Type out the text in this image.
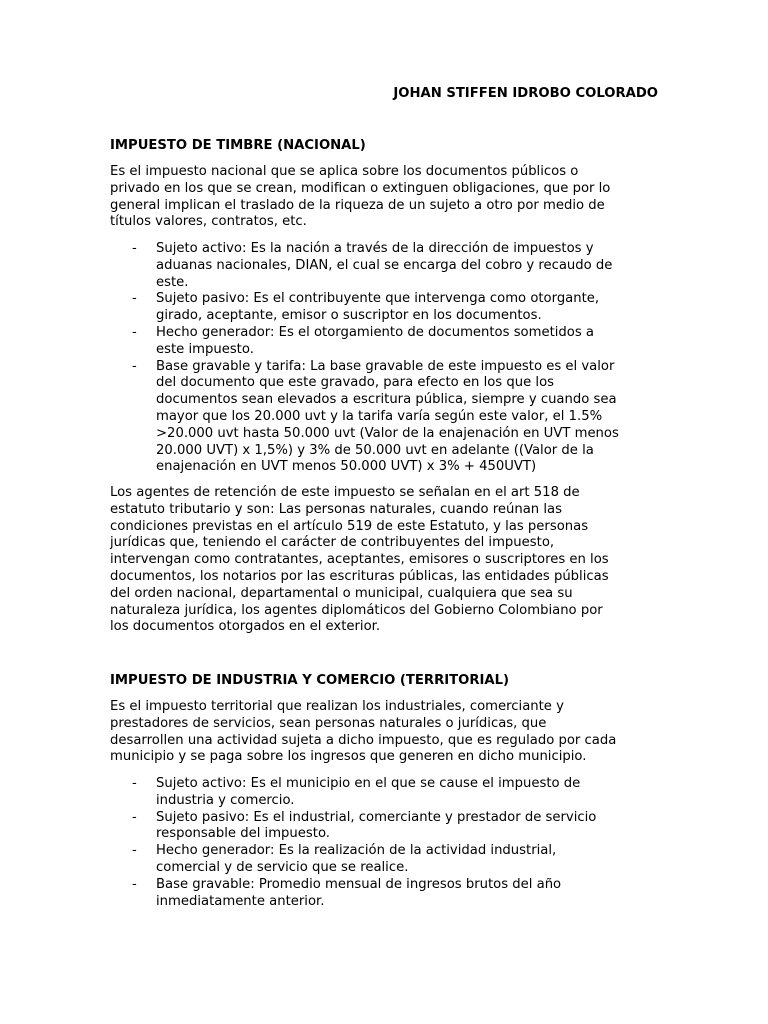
JOHAN STIFFEN IDROBO COLORADO
IMPUESTO DE TIMBRE (NACIONAL)
Es el impuesto nacional que se aplica sobre los documentos públicos o
privado en los que se crean, modifican o extinguen obligaciones, que por lo
general implican el traslado de la riqueza de un sujeto a otro por medio de
títulos valores, contratos, etc.
- Sujeto activo: Es la nación a través de la dirección de impuestos y
aduanas nacionales, DIAN, el cual se encarga del cobro y recaudo de
este.
- Sujeto pasivo: Es el contribuyente que intervenga como otorgante,
girado, aceptante, emisor o suscriptor en los documentos.
- Hecho generador: Es el otorgamiento de documentos sometidos a
este impuesto.
- Base gravable y tarifa: La base gravable de este impuesto es el valor
del documento que este gravado, para efecto en los que los
documentos sean elevados a escritura pública, siempre y cuando sea
mayor que los 20.000 uvt y la tarifa varía según este valor, el 1.5%
>20.000 uvt hasta 50.000 uvt (Valor de la enajenación en UVT menos
20.000 UVT) x 1,5%) y 3% de 50.000 uvt en adelante ((Valor de la
enajenación en UVT menos 50.000 UVT) x 3% + 450UVT)
Los agentes de retención de este impuesto se señalan en el art 518 de
estatuto tributario y son: Las personas naturales, cuando reúnan las
condiciones previstas en el artículo 519 de este Estatuto, y las personas
jurídicas que, teniendo el carácter de contribuyentes del impuesto,
intervengan como contratantes, aceptantes, emisores o suscriptores en los
documentos, los notarios por las escrituras públicas, las entidades públicas
del orden nacional, departamental o municipal, cualquiera que sea su
naturaleza jurídica, los agentes diplomáticos del Gobierno Colombiano por
los documentos otorgados en el exterior.
IMPUESTO DE INDUSTRIA Y COMERCIO (TERRITORIAL)
Es el impuesto territorial que realizan los industriales, comerciante y
prestadores de servicios, sean personas naturales o jurídicas, que
desarrollen una actividad sujeta a dicho impuesto, que es regulado por cada
municipio y se paga sobre los ingresos que generen en dicho municipio.
- Sujeto activo: Es el municipio en el que se cause el impuesto de
industria y comercio.
- Sujeto pasivo: Es el industrial, comerciante y prestador de servicio
responsable del impuesto.
- Hecho generador: Es la realización de la actividad industrial,
comercial y de servicio que se realice.
- Base gravable: Promedio mensual de ingresos brutos del año
inmediatamente anterior.
